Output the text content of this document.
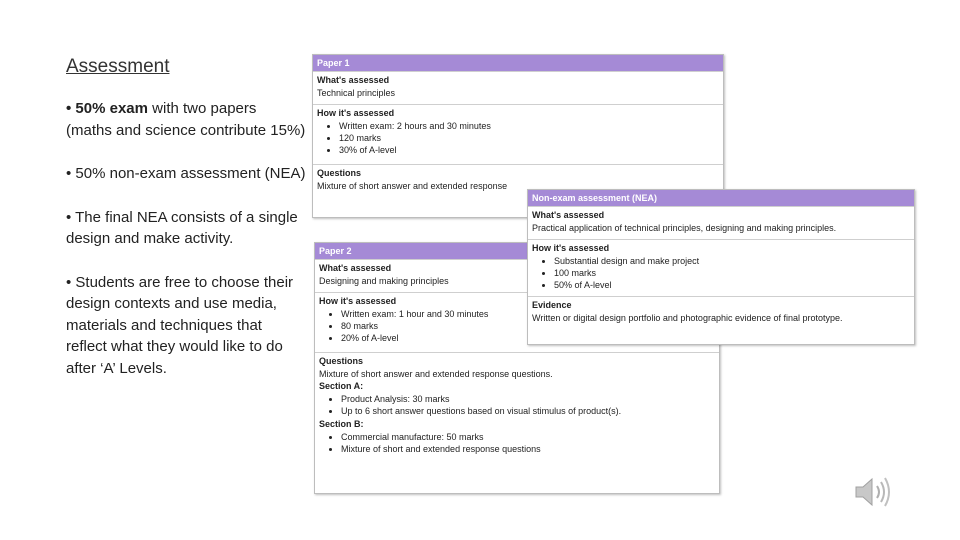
Assessment
• 50% exam with two papers (maths and science contribute 15%)
• 50% non-exam assessment (NEA)
• The final NEA consists of a single design and make activity.
• Students are free to choose their design contexts and use media, materials and techniques that reflect what they would like to do after ‘A’ Levels.
Paper 1
What's assessed
Technical principles
How it's assessed
• Written exam: 2 hours and 30 minutes
• 120 marks
• 30% of A-level
Questions
Mixture of short answer and extended response
Paper 2
What's assessed
Designing and making principles
How it's assessed
• Written exam: 1 hour and 30 minutes
• 80 marks
• 20% of A-level
Questions
Mixture of short answer and extended response questions.
Section A:
• Product Analysis: 30 marks
• Up to 6 short answer questions based on visual stimulus of product(s).
Section B:
• Commercial manufacture: 50 marks
• Mixture of short and extended response questions
Non-exam assessment (NEA)
What's assessed
Practical application of technical principles, designing and making principles.
How it's assessed
• Substantial design and make project
• 100 marks
• 50% of A-level
Evidence
Written or digital design portfolio and photographic evidence of final prototype.
